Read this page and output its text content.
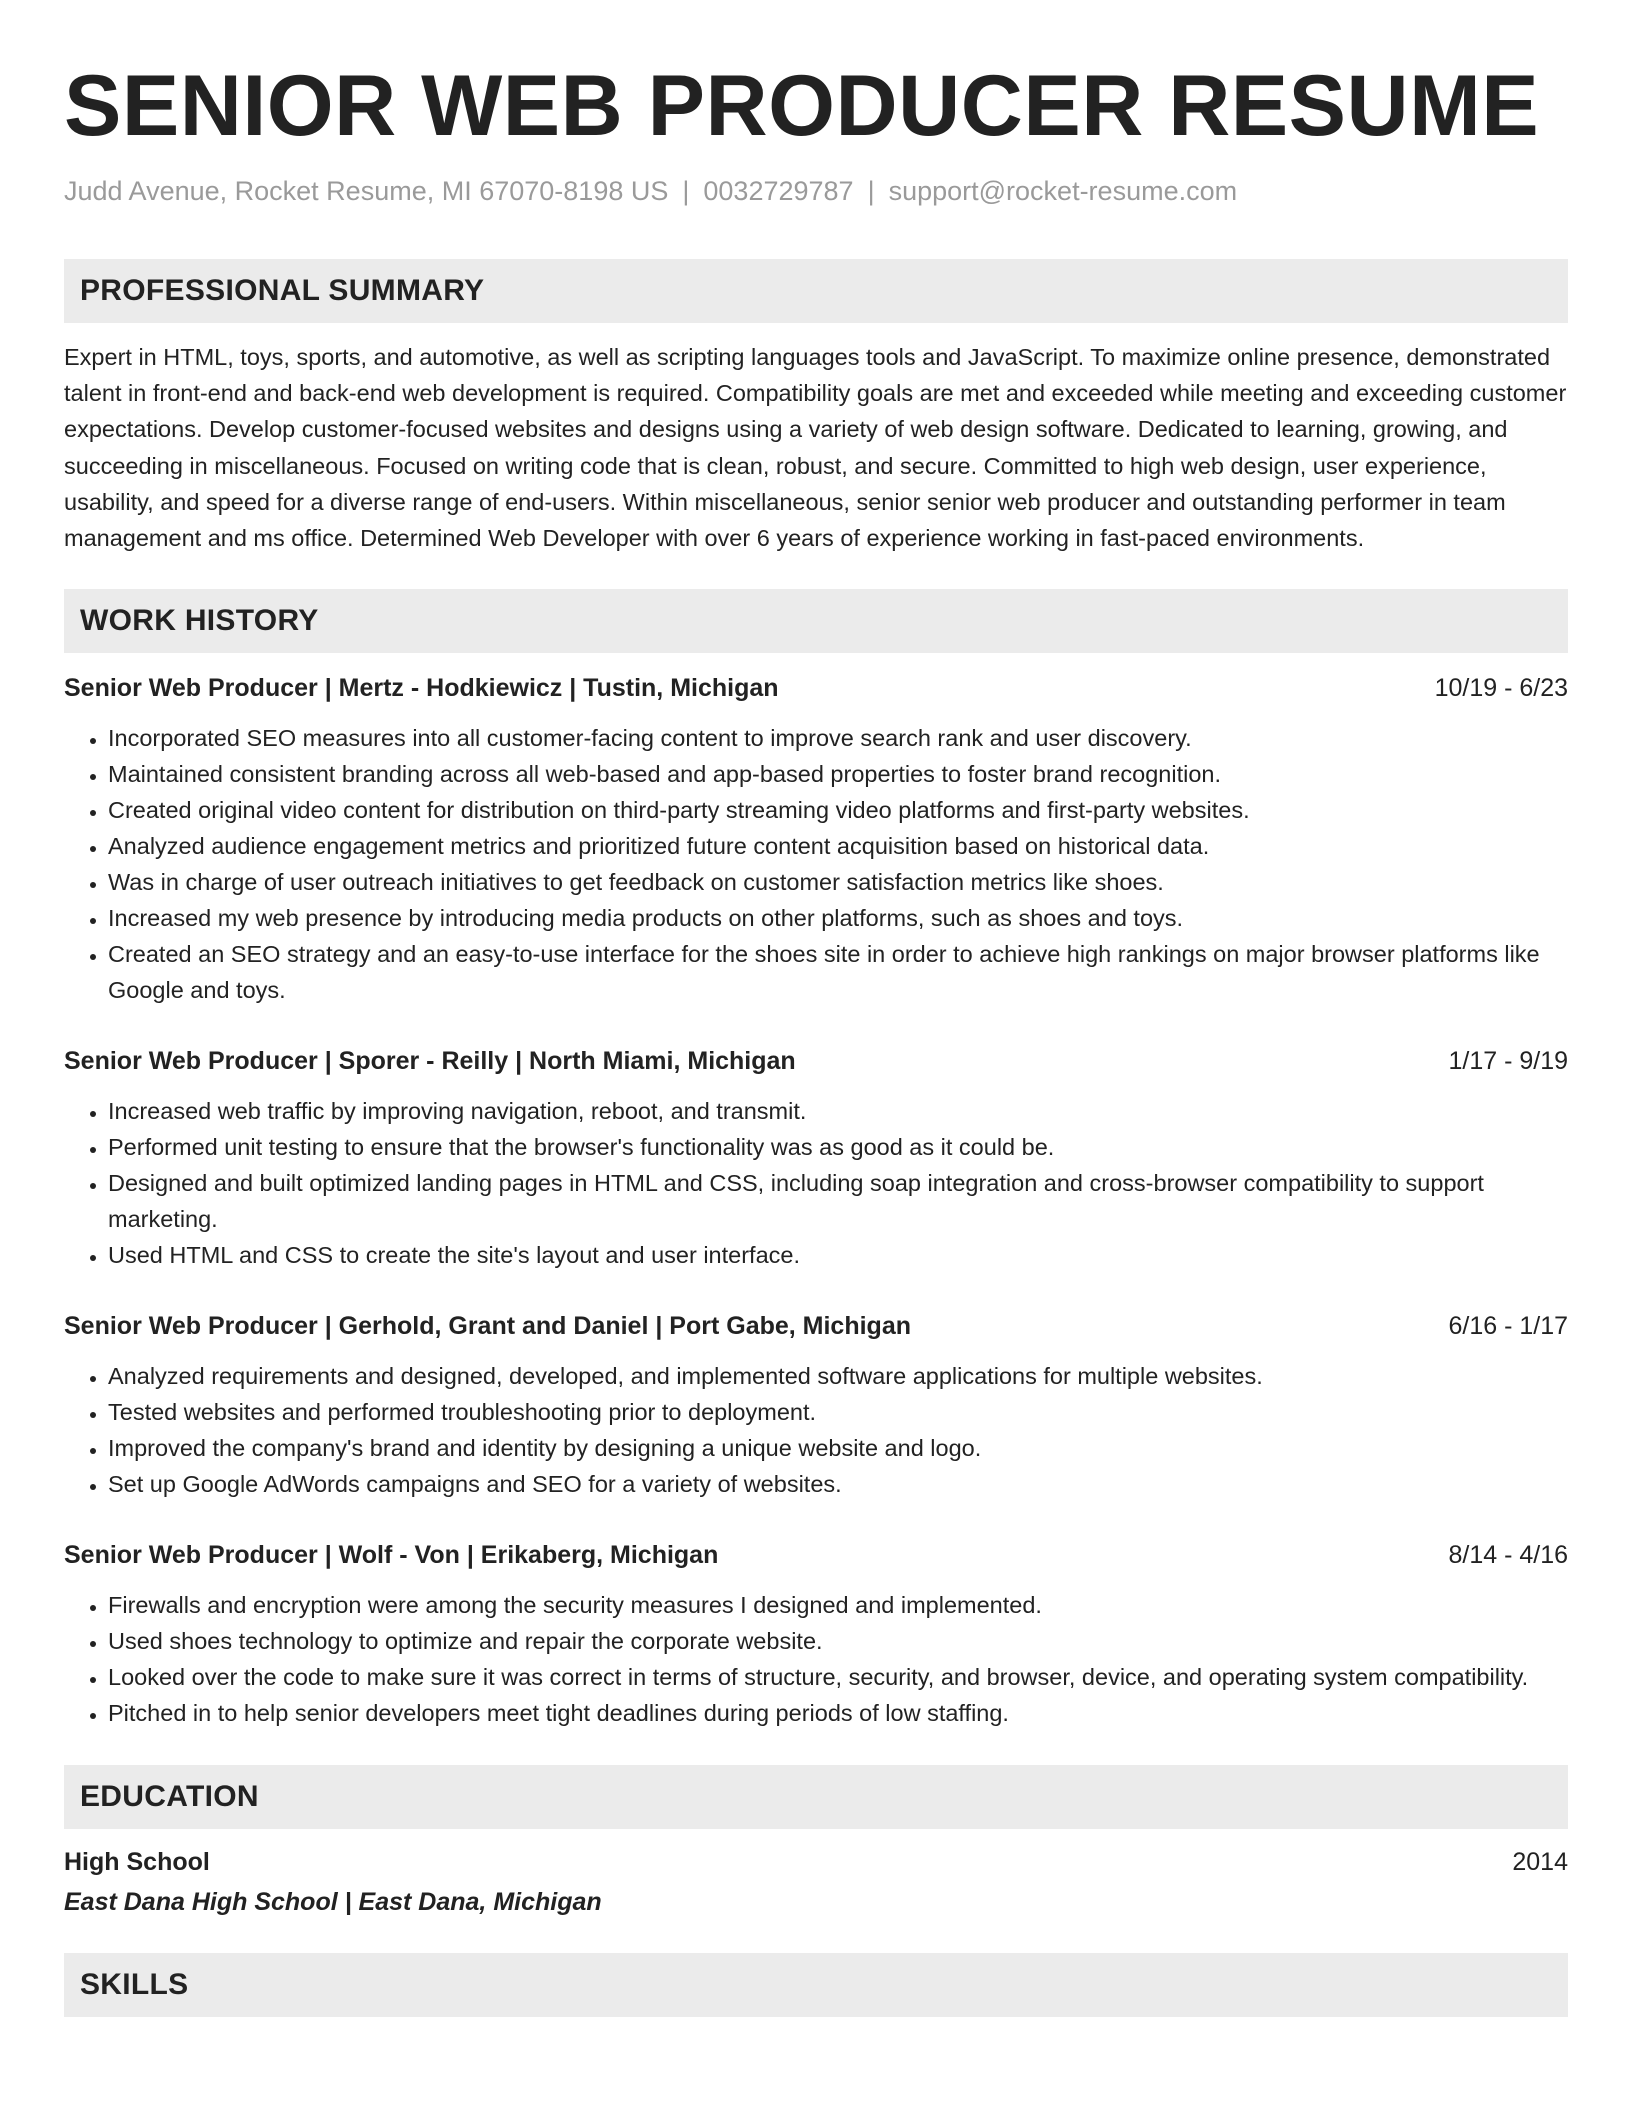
SENIOR WEB PRODUCER RESUME
Judd Avenue, Rocket Resume, MI 67070-8198 US | 0032729787 | support@rocket-resume.com
PROFESSIONAL SUMMARY

Expert in HTML, toys, sports, and automotive, as well as scripting languages tools and JavaScript. To maximize online presence, demonstrated talent in front-end and back-end web development is required. Compatibility goals are met and exceeded while meeting and exceeding customer expectations. Develop customer-focused websites and designs using a variety of web design software. Dedicated to learning, growing, and succeeding in miscellaneous. Focused on writing code that is clean, robust, and secure. Committed to high web design, user experience, usability, and speed for a diverse range of end-users. Within miscellaneous, senior senior web producer and outstanding performer in team management and ms office. Determined Web Developer with over 6 years of experience working in fast-paced environments.

WORK HISTORY
Senior Web Producer | Mertz - Hodkiewicz | Tustin, Michigan	10/19 - 6/23
• Incorporated SEO measures into all customer-facing content to improve search rank and user discovery.
• Maintained consistent branding across all web-based and app-based properties to foster brand recognition.
• Created original video content for distribution on third-party streaming video platforms and first-party websites.
• Analyzed audience engagement metrics and prioritized future content acquisition based on historical data.
• Was in charge of user outreach initiatives to get feedback on customer satisfaction metrics like shoes.
• Increased my web presence by introducing media products on other platforms, such as shoes and toys.
• Created an SEO strategy and an easy-to-use interface for the shoes site in order to achieve high rankings on major browser platforms like Google and toys.
Senior Web Producer | Sporer - Reilly | North Miami, Michigan	1/17 - 9/19
• Increased web traffic by improving navigation, reboot, and transmit.
• Performed unit testing to ensure that the browser's functionality was as good as it could be.
• Designed and built optimized landing pages in HTML and CSS, including soap integration and cross-browser compatibility to support marketing.
• Used HTML and CSS to create the site's layout and user interface.
Senior Web Producer | Gerhold, Grant and Daniel | Port Gabe, Michigan	6/16 - 1/17
• Analyzed requirements and designed, developed, and implemented software applications for multiple websites.
• Tested websites and performed troubleshooting prior to deployment.
• Improved the company's brand and identity by designing a unique website and logo.
• Set up Google AdWords campaigns and SEO for a variety of websites.
Senior Web Producer | Wolf - Von | Erikaberg, Michigan	8/14 - 4/16
• Firewalls and encryption were among the security measures I designed and implemented.
• Used shoes technology to optimize and repair the corporate website.
• Looked over the code to make sure it was correct in terms of structure, security, and browser, device, and operating system compatibility.
• Pitched in to help senior developers meet tight deadlines during periods of low staffing.
EDUCATION
High School	2014
East Dana High School | East Dana, Michigan
SKILLS
